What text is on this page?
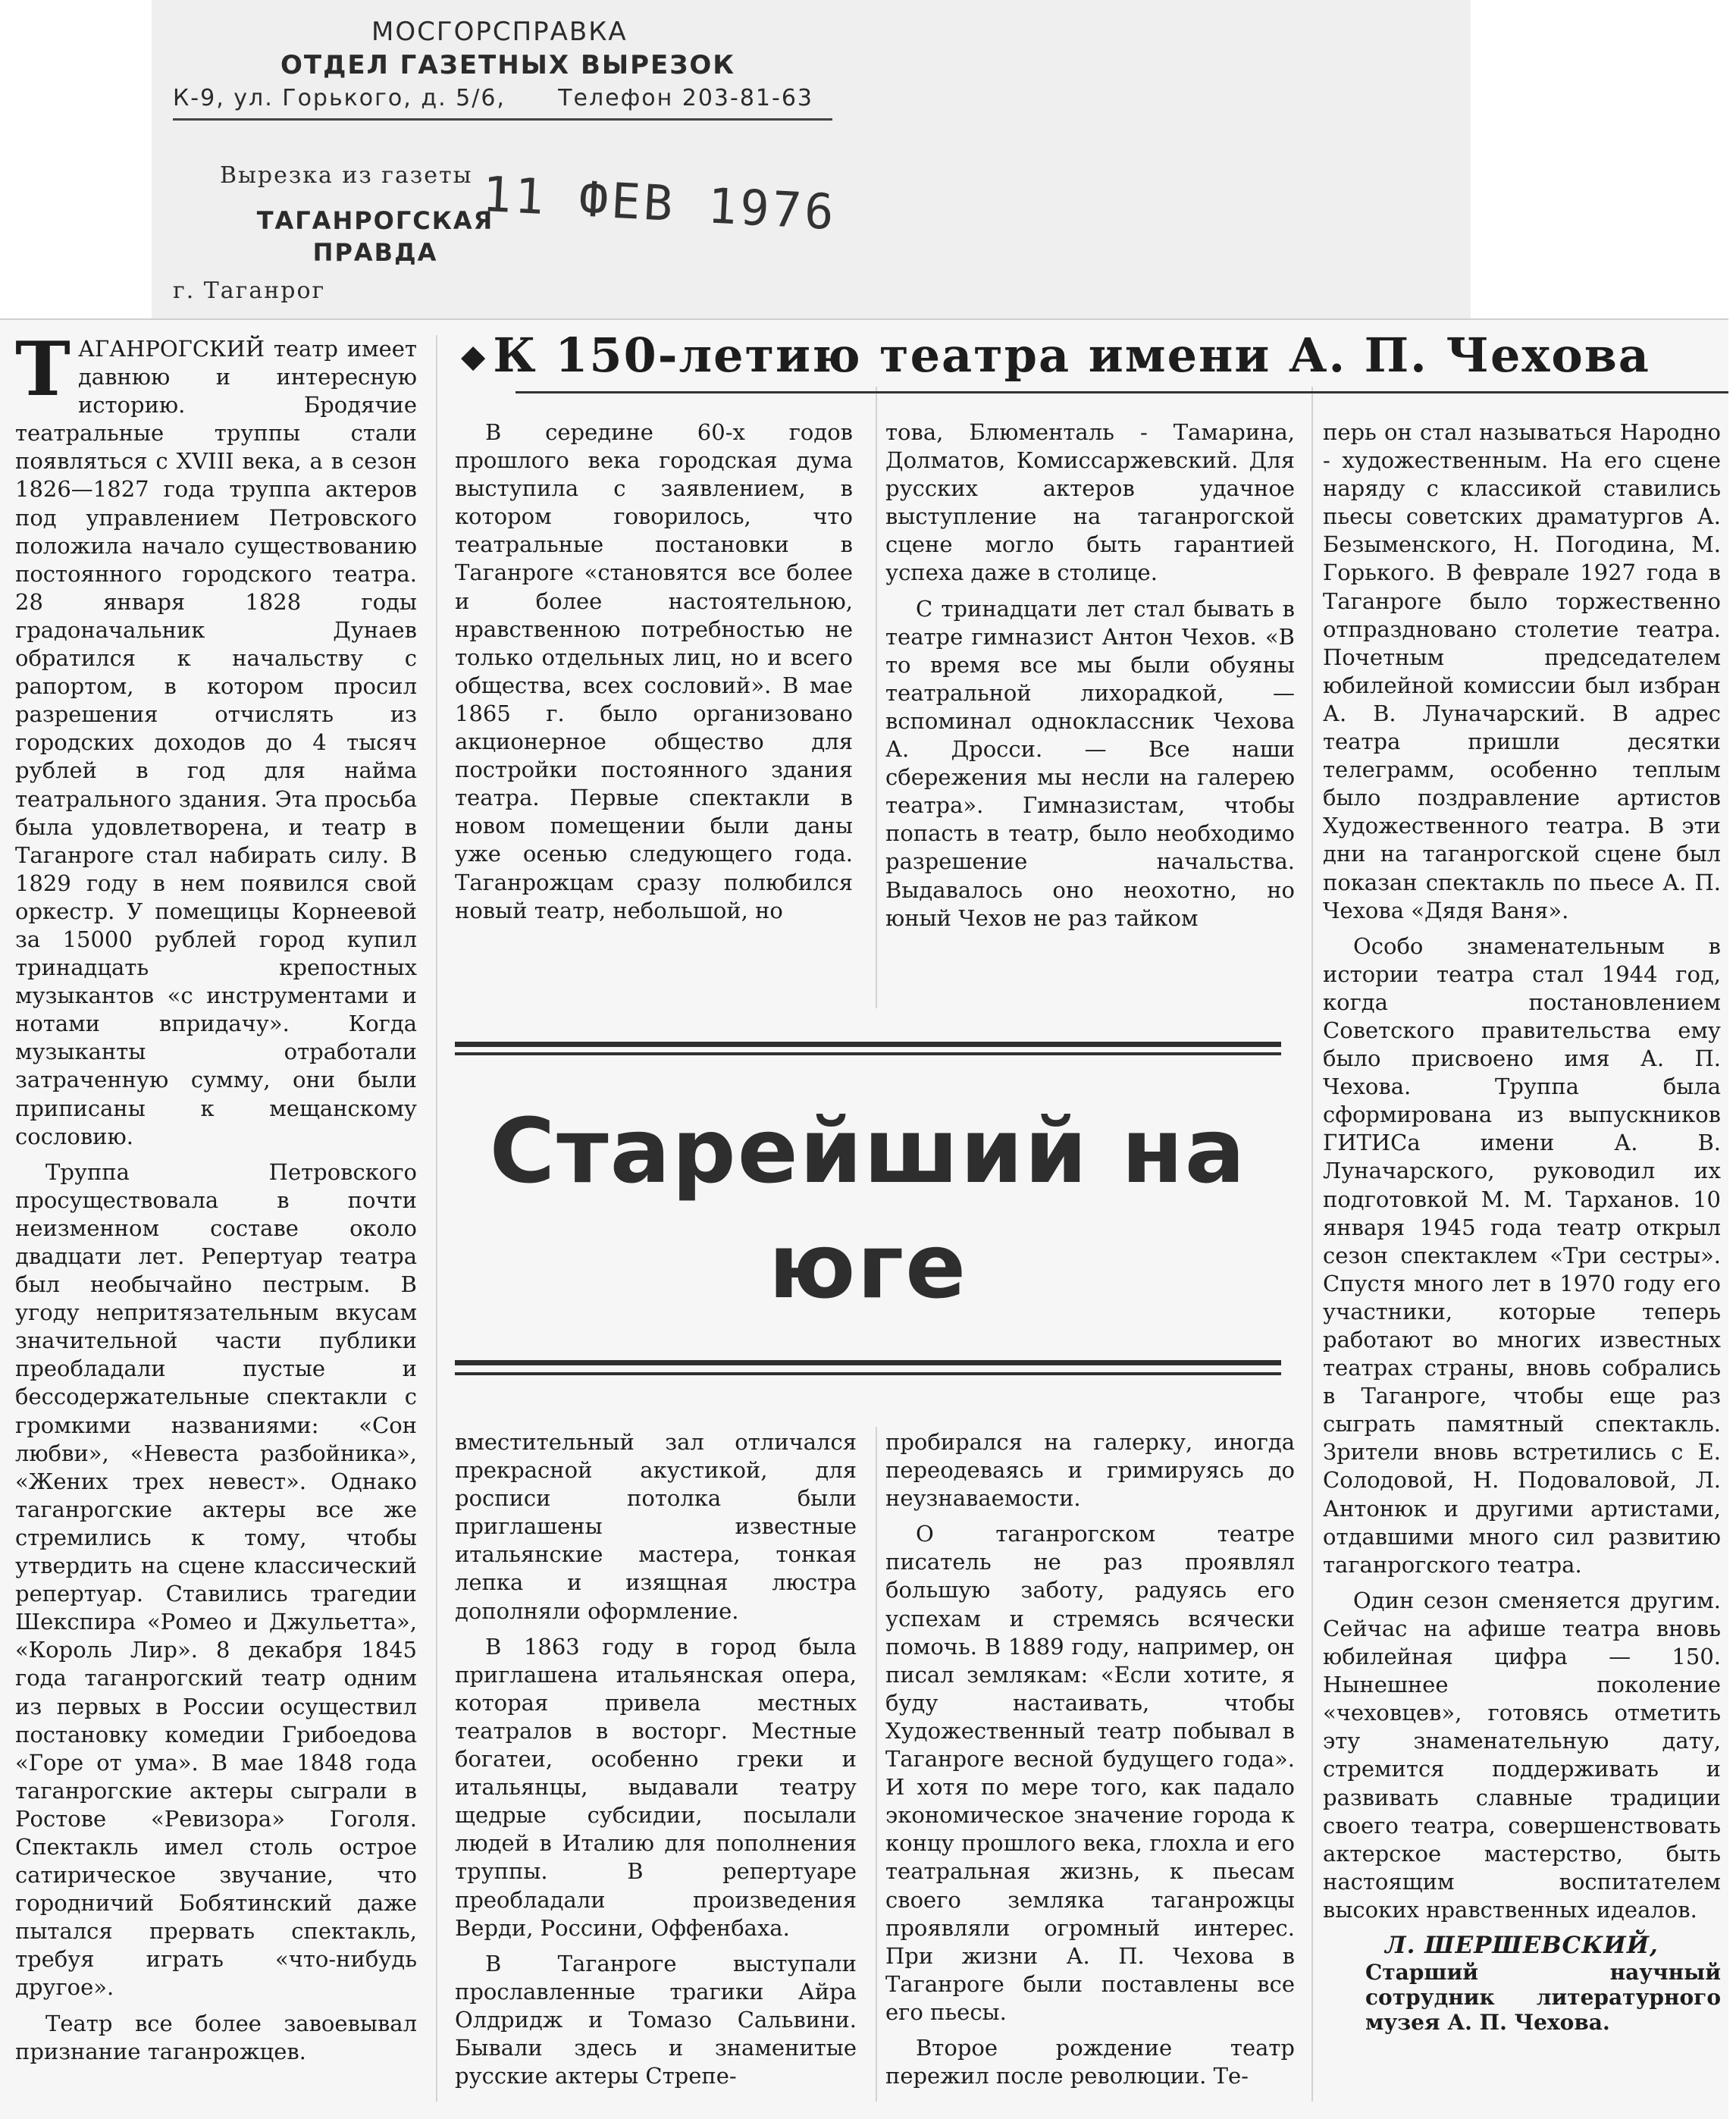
МОСГОРСПРАВКА
ОТДЕЛ ГАЗЕТНЫХ ВЫРЕЗОК
К-9, ул. Горького, д. 5/6,      Телефон 203-81-63
Вырезка из газеты
ТАГАНРОГСКАЯ ПРАВДА
11 ФЕВ 1976
г. Таганрог

ТАГАНРОГСКИЙ театр имеет давнюю и интересную историю. Бродячие театральные труппы стали появляться с XVIII века, а в сезон 1826—1827 года труппа актеров под управлением Петровского положила начало существованию постоянного городского театра. 28 января 1828 годы градоначальник Дунаев обратился к начальству с рапортом, в котором просил разрешения отчислять из городских доходов до 4 тысяч рублей в год для найма театрального здания. Эта просьба была удовлетворена, и театр в Таганроге стал набирать силу. В 1829 году в нем появился свой оркестр. У помещицы Корнеевой за 15000 рублей город купил тринадцать крепостных музыкантов «с инструментами и нотами впридачу». Когда музыканты отработали затраченную сумму, они были приписаны к мещанскому сословию.

Труппа Петровского просуществовала в почти неизменном составе около двадцати лет. Репертуар театра был необычайно пестрым. В угоду непритязательным вкусам значительной части публики преобладали пустые и бессодержательные спектакли с громкими названиями: «Сон любви», «Невеста разбойника», «Жених трех невест». Однако таганрогские актеры все же стремились к тому, чтобы утвердить на сцене классический репертуар. Ставились трагедии Шекспира «Ромео и Джульетта», «Король Лир». 8 декабря 1845 года таганрогский театр одним из первых в России осуществил постановку комедии Грибоедова «Горе от ума». В мае 1848 года таганрогские актеры сыграли в Ростове «Ревизора» Гоголя. Спектакль имел столь острое сатирическое звучание, что городничий Бобятинский даже пытался прервать спектакль, требуя играть «что-нибудь другое».

Театр все более завоевывал признание таганрожцев.

◆ К 150-летию театра имени А. П. Чехова

В середине 60-х годов прошлого века городская дума выступила с заявлением, в котором говорилось, что театральные постановки в Таганроге «становятся все более и более настоятельною, нравственною потребностью не только отдельных лиц, но и всего общества, всех сословий». В мае 1865 г. было организовано акционерное общество для постройки постоянного здания театра. Первые спектакли в новом помещении были даны уже осенью следующего года. Таганрожцам сразу полюбился новый театр, небольшой, но

това, Блюменталь - Тамарина, Долматов, Комиссаржевский. Для русских актеров удачное выступление на таганрогской сцене могло быть гарантией успеха даже в столице.

С тринадцати лет стал бывать в театре гимназист Антон Чехов. «В то время все мы были обуяны театральной лихорадкой, — вспоминал одноклассник Чехова А. Дросси. — Все наши сбережения мы несли на галерею театра». Гимназистам, чтобы попасть в театр, было необходимо разрешение начальства. Выдавалось оно неохотно, но юный Чехов не раз тайком

Старейший на юге

перь он стал называться Народно - художественным. На его сцене наряду с классикой ставились пьесы советских драматургов А. Безыменского, Н. Погодина, М. Горького. В феврале 1927 года в Таганроге было торжественно отпраздновано столетие театра. Почетным председателем юбилейной комиссии был избран А. В. Луначарский. В адрес театра пришли десятки телеграмм, особенно теплым было поздравление артистов Художественного театра. В эти дни на таганрогской сцене был показан спектакль по пьесе А. П. Чехова «Дядя Ваня».

Особо знаменательным в истории театра стал 1944 год, когда постановлением Советского правительства ему было присвоено имя А. П. Чехова. Труппа была сформирована из выпускников ГИТИСа имени А. В. Луначарского, руководил их подготовкой М. М. Тарханов. 10 января 1945 года театр открыл сезон спектаклем «Три сестры». Спустя много лет в 1970 году его участники, которые теперь работают во многих известных театрах страны, вновь собрались в Таганроге, чтобы еще раз сыграть памятный спектакль. Зрители вновь встретились с Е. Солодовой, Н. Подоваловой, Л. Антонюк и другими артистами, отдавшими много сил развитию таганрогского театра.

Один сезон сменяется другим. Сейчас на афише театра вновь юбилейная цифра — 150. Нынешнее поколение «чеховцев», готовясь отметить эту знаменательную дату, стремится поддерживать и развивать славные традиции своего театра, совершенствовать актерское мастерство, быть настоящим воспитателем высоких нравственных идеалов.

Л. ШЕРШЕВСКИЙ,
Старший научный сотрудник литературного музея А. П. Чехова.

вместительный зал отличался прекрасной акустикой, для росписи потолка были приглашены известные итальянские мастера, тонкая лепка и изящная люстра дополняли оформление.

В 1863 году в город была приглашена итальянская опера, которая привела местных театралов в восторг. Местные богатеи, особенно греки и итальянцы, выдавали театру щедрые субсидии, посылали людей в Италию для пополнения труппы. В репертуаре преобладали произведения Верди, Россини, Оффенбаха.

В Таганроге выступали прославленные трагики Айра Олдридж и Томазо Сальвини. Бывали здесь и знаменитые русские актеры Стрепе-

пробирался на галерку, иногда переодеваясь и гримируясь до неузнаваемости.

О таганрогском театре писатель не раз проявлял большую заботу, радуясь его успехам и стремясь всячески помочь. В 1889 году, например, он писал землякам: «Если хотите, я буду настаивать, чтобы Художественный театр побывал в Таганроге весной будущего года». И хотя по мере того, как падало экономическое значение города к концу прошлого века, глохла и его театральная жизнь, к пьесам своего земляка таганрожцы проявляли огромный интерес. При жизни А. П. Чехова в Таганроге были поставлены все его пьесы.

Второе рождение театр пережил после революции. Те-
